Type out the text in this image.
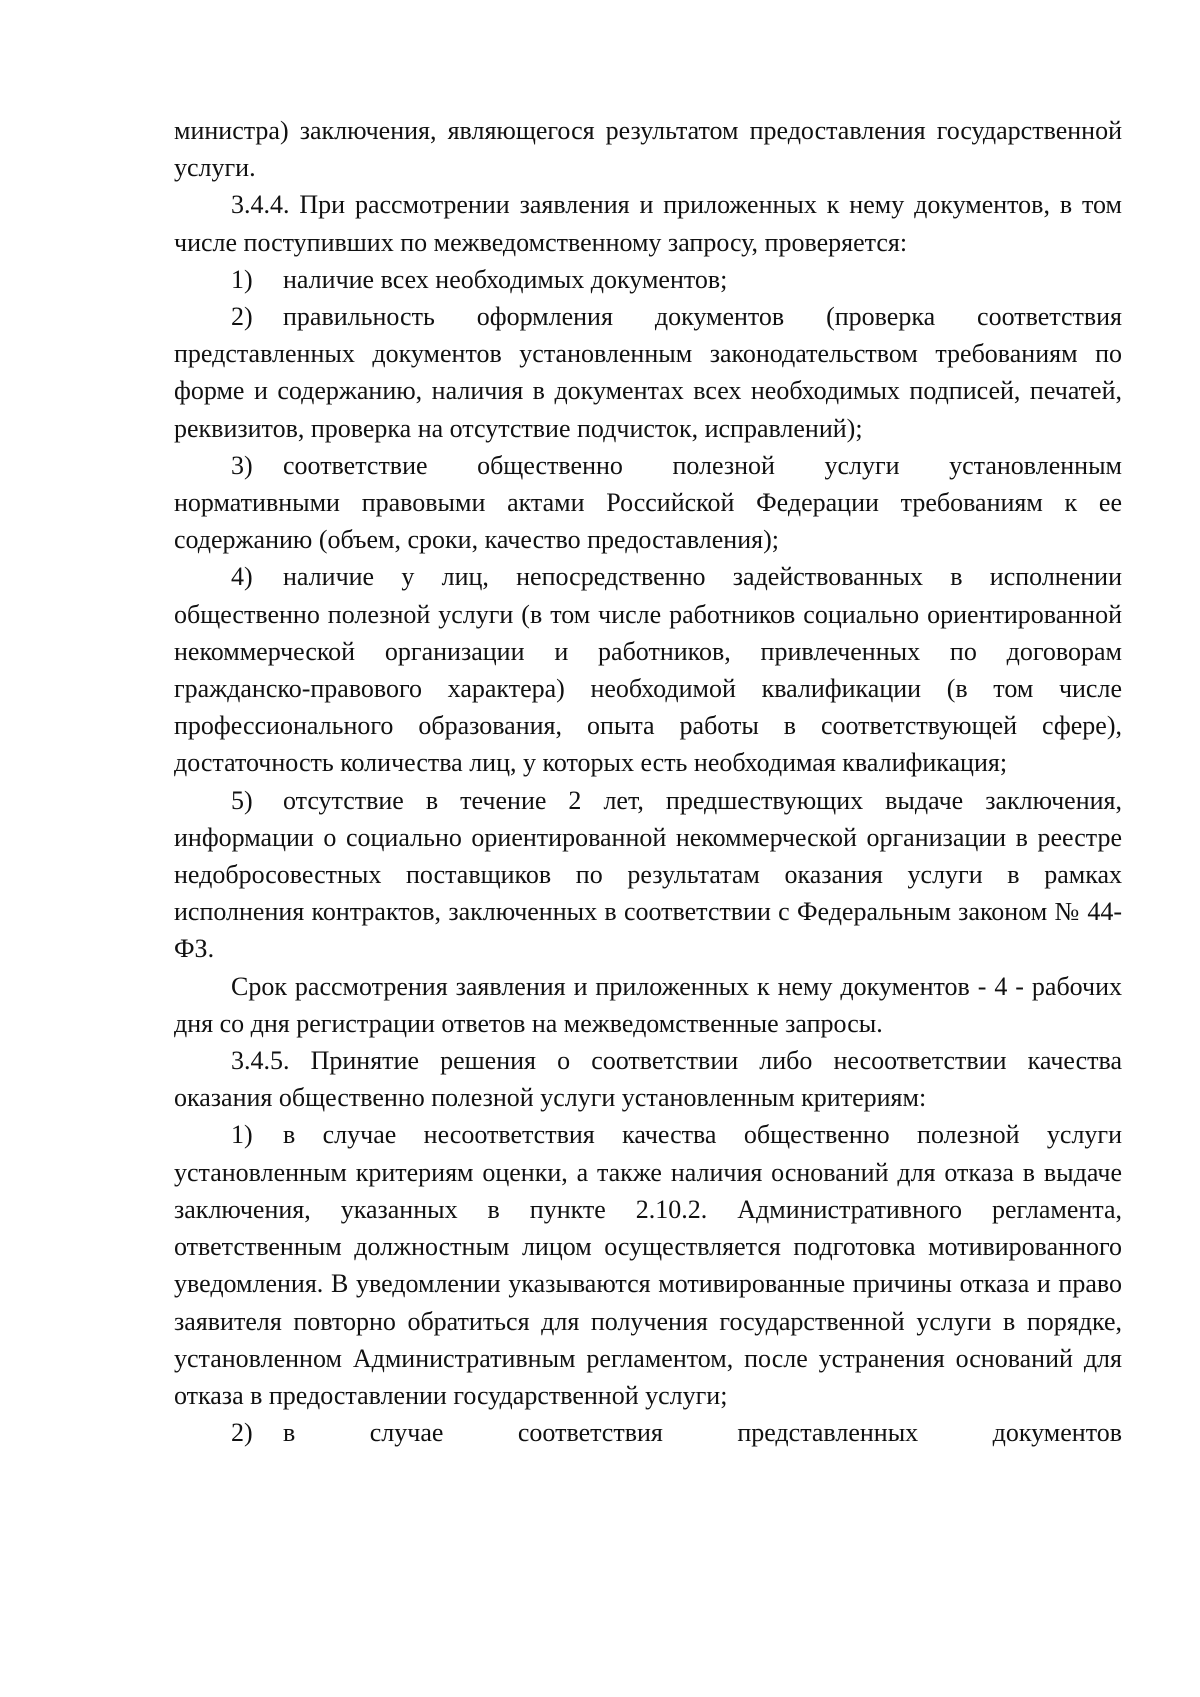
министра) заключения, являющегося результатом предоставления государственной услуги.

3.4.4. При рассмотрении заявления и приложенных к нему документов, в том числе поступивших по межведомственному запросу, проверяется:

1) наличие всех необходимых документов;

2) правильность оформления документов (проверка соответствия представленных документов установленным законодательством требованиям по форме и содержанию, наличия в документах всех необходимых подписей, печатей, реквизитов, проверка на отсутствие подчисток, исправлений);

3) соответствие общественно полезной услуги установленным нормативными правовыми актами Российской Федерации требованиям к ее содержанию (объем, сроки, качество предоставления);

4) наличие у лиц, непосредственно задействованных в исполнении общественно полезной услуги (в том числе работников социально ориентированной некоммерческой организации и работников, привлеченных по договорам гражданско-правового характера) необходимой квалификации (в том числе профессионального образования, опыта работы в соответствующей сфере), достаточность количества лиц, у которых есть необходимая квалификация;

5) отсутствие в течение 2 лет, предшествующих выдаче заключения, информации о социально ориентированной некоммерческой организации в реестре недобросовестных поставщиков по результатам оказания услуги в рамках исполнения контрактов, заключенных в соответствии с Федеральным законом № 44-ФЗ.

Срок рассмотрения заявления и приложенных к нему документов - 4 - рабочих дня со дня регистрации ответов на межведомственные запросы.

3.4.5. Принятие решения о соответствии либо несоответствии качества оказания общественно полезной услуги установленным критериям:

1) в случае несоответствия качества общественно полезной услуги установленным критериям оценки, а также наличия оснований для отказа в выдаче заключения, указанных в пункте 2.10.2. Административного регламента, ответственным должностным лицом осуществляется подготовка мотивированного уведомления. В уведомлении указываются мотивированные причины отказа и право заявителя повторно обратиться для получения государственной услуги в порядке, установленном Административным регламентом, после устранения оснований для отказа в предоставлении государственной услуги;

2) в случае соответствия представленных документов
